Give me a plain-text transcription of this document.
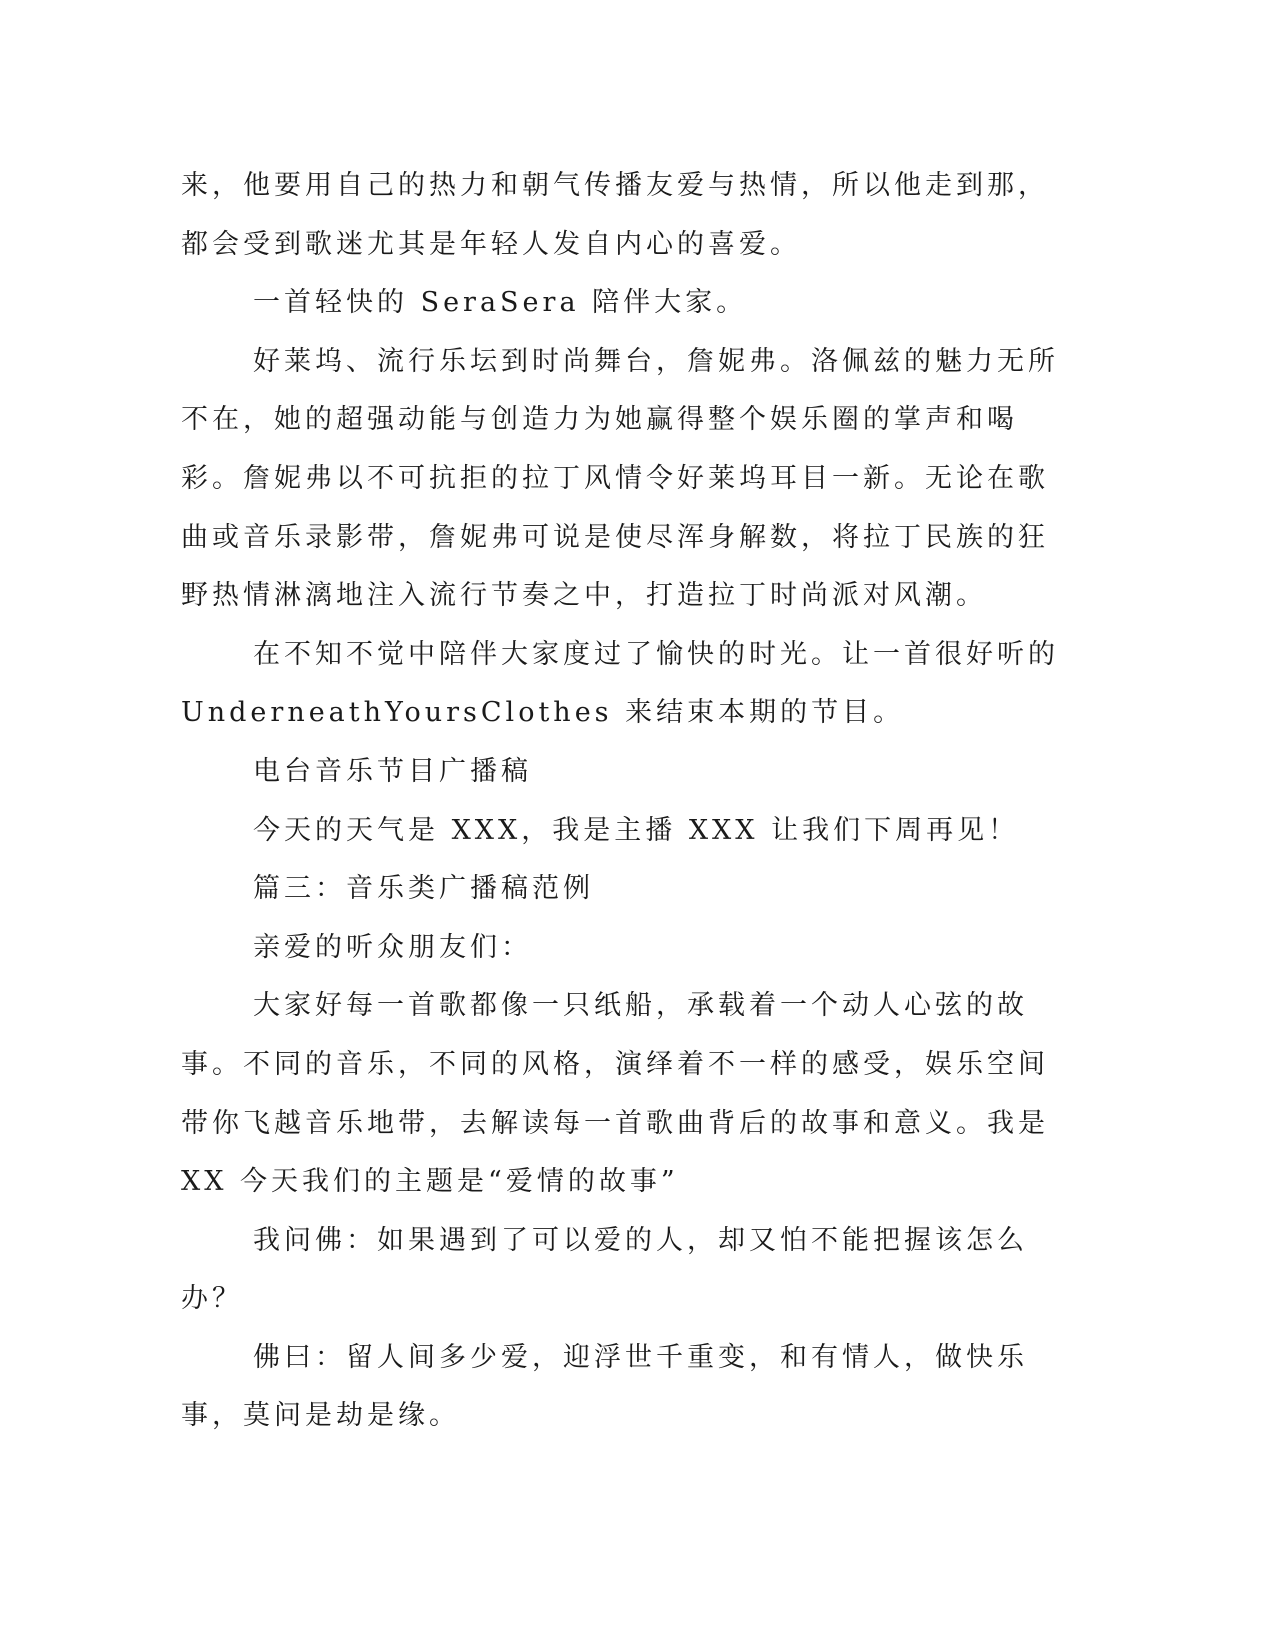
来，他要用自己的热力和朝气传播友爱与热情，所以他走到那，都会受到歌迷尤其是年轻人发自内心的喜爱。

一首轻快的 SeraSera 陪伴大家。

好莱坞、流行乐坛到时尚舞台，詹妮弗。洛佩兹的魅力无所不在，她的超强动能与创造力为她赢得整个娱乐圈的掌声和喝彩。詹妮弗以不可抗拒的拉丁风情令好莱坞耳目一新。无论在歌曲或音乐录影带，詹妮弗可说是使尽浑身解数，将拉丁民族的狂野热情淋漓地注入流行节奏之中，打造拉丁时尚派对风潮。

在不知不觉中陪伴大家度过了愉快的时光。让一首很好听的UnderneathYoursClothes 来结束本期的节目。

电台音乐节目广播稿

今天的天气是 XXX，我是主播 XXX 让我们下周再见！

篇三：音乐类广播稿范例

亲爱的听众朋友们：

大家好每一首歌都像一只纸船，承载着一个动人心弦的故事。不同的音乐，不同的风格，演绎着不一样的感受，娱乐空间带你飞越音乐地带，去解读每一首歌曲背后的故事和意义。我是 XX 今天我们的主题是“爱情的故事”

我问佛：如果遇到了可以爱的人，却又怕不能把握该怎么办？

佛曰：留人间多少爱，迎浮世千重变，和有情人，做快乐事，莫问是劫是缘。
